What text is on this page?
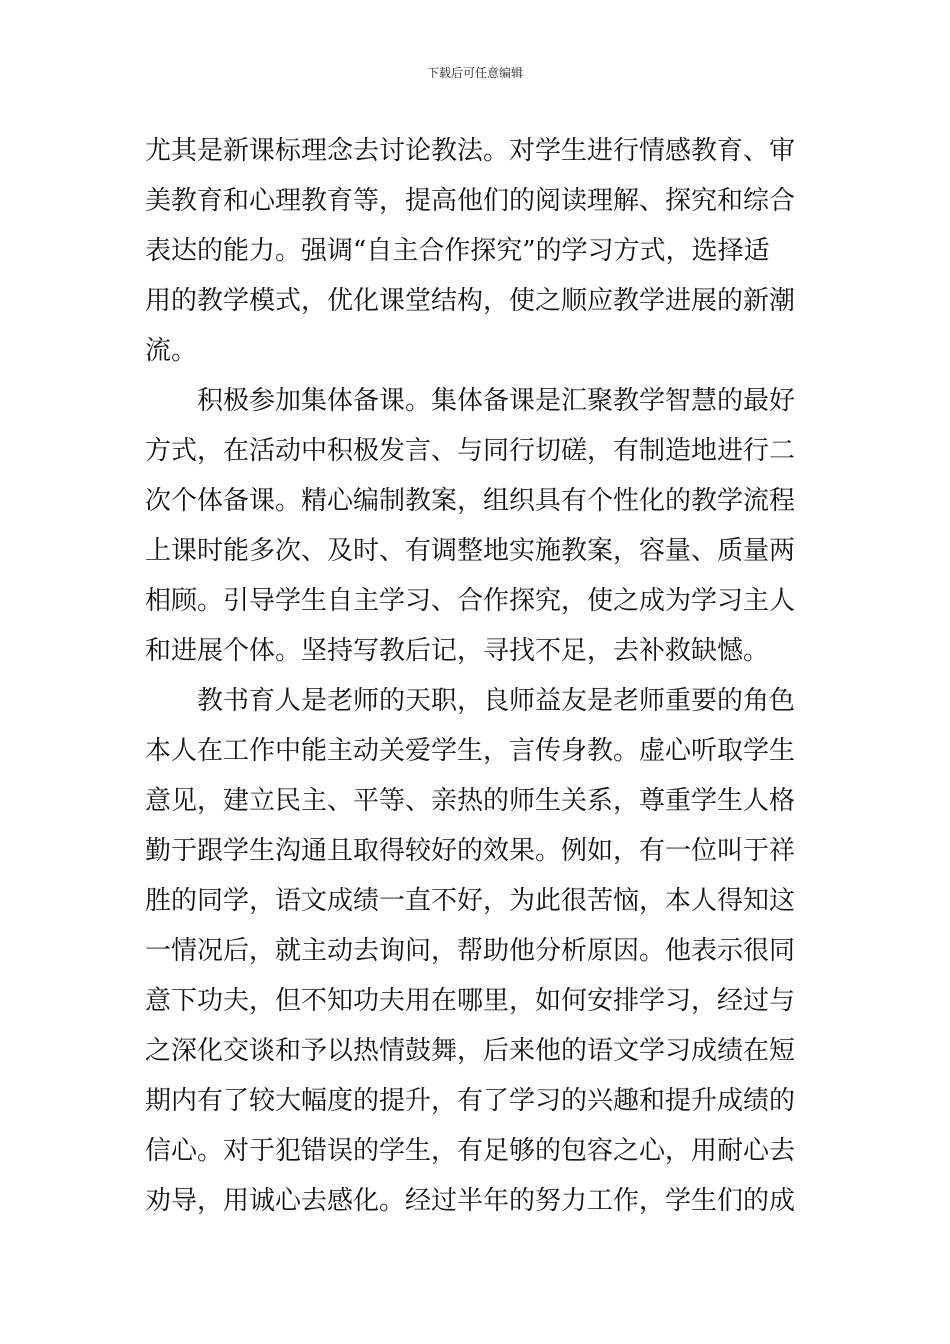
下载后可任意编辑
尤其是新课标理念去讨论教法。对学生进行情感教育、审
美教育和心理教育等，提高他们的阅读理解、探究和综合
表达的能力。强调“自主合作探究”的学习方式，选择适
用的教学模式，优化课堂结构，使之顺应教学进展的新潮
流。
积极参加集体备课。集体备课是汇聚教学智慧的最好
方式，在活动中积极发言、与同行切磋，有制造地进行二
次个体备课。精心编制教案，组织具有个性化的教学流程
上课时能多次、及时、有调整地实施教案，容量、质量两
相顾。引导学生自主学习、合作探究，使之成为学习主人
和进展个体。坚持写教后记，寻找不足，去补救缺憾。
教书育人是老师的天职，良师益友是老师重要的角色
本人在工作中能主动关爱学生，言传身教。虚心听取学生
意见，建立民主、平等、亲热的师生关系，尊重学生人格
勤于跟学生沟通且取得较好的效果。例如，有一位叫于祥
胜的同学，语文成绩一直不好，为此很苦恼，本人得知这
一情况后，就主动去询问，帮助他分析原因。他表示很同
意下功夫，但不知功夫用在哪里，如何安排学习，经过与
之深化交谈和予以热情鼓舞，后来他的语文学习成绩在短
期内有了较大幅度的提升，有了学习的兴趣和提升成绩的
信心。对于犯错误的学生，有足够的包容之心，用耐心去
劝导，用诚心去感化。经过半年的努力工作，学生们的成
